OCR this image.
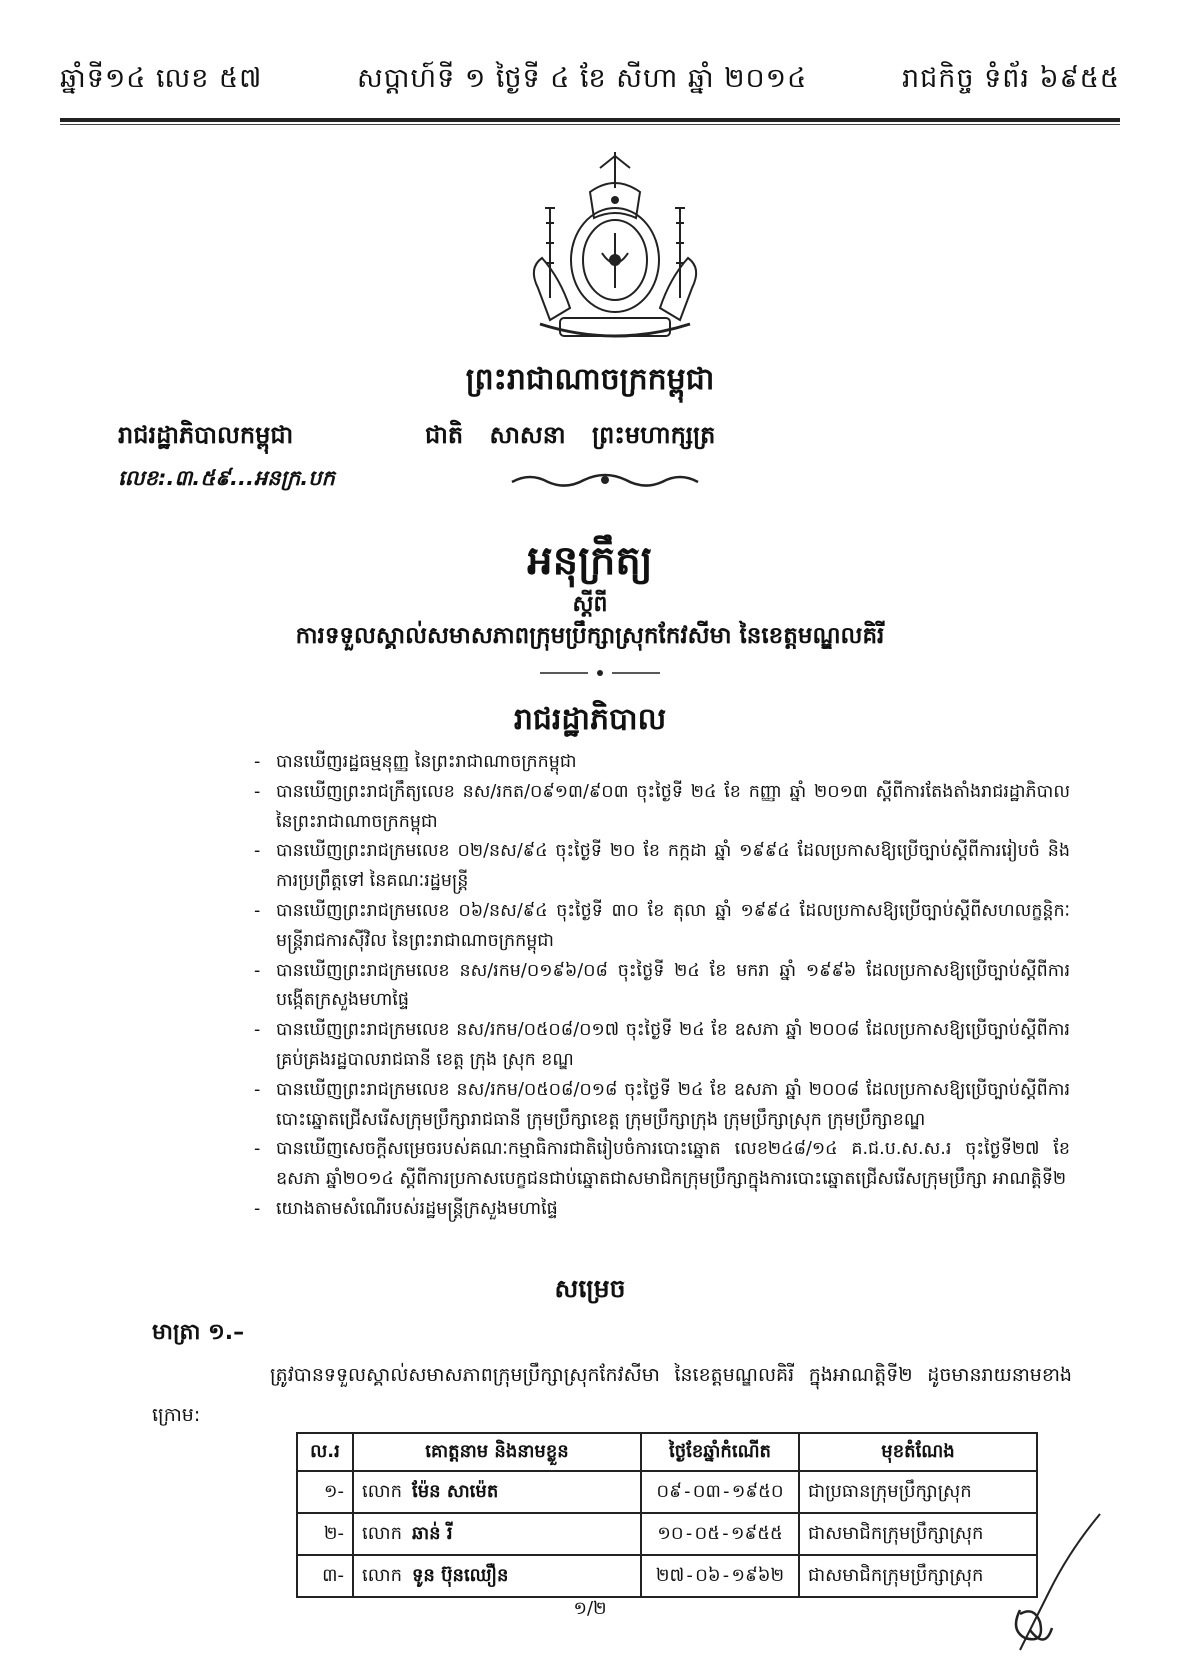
ឆ្នាំទី១៤ លេខ ៥៧	សប្តាហ៍ទី ១ ថ្ងៃទី ៤ ខែ សីហា ឆ្នាំ ២០១៤	រាជកិច្ច ទំព័រ ៦៩៥៥
ព្រះរាជាណាចក្រកម្ពុជា
រាជរដ្ឋាភិបាលកម្ពុជា	ជាតិ សាសនា ព្រះមហាក្សត្រ
លេខ:.៣.៥៩...អនក្រ.បក
អនុក្រឹត្យ
ស្តីពី
ការទទួលស្គាល់សមាសភាពក្រុមប្រឹក្សាស្រុកកែវសីមា នៃខេត្តមណ្ឌលគិរី
រាជរដ្ឋាភិបាល
- បានឃើញរដ្ឋធម្មនុញ្ញ នៃព្រះរាជាណាចក្រកម្ពុជា
- បានឃើញព្រះរាជក្រឹត្យលេខ នស/រកត/០៩១៣/៩០៣ ចុះថ្ងៃទី ២៤ ខែ កញ្ញា ឆ្នាំ ២០១៣ ស្តីពីការតែងតាំងរាជរដ្ឋាភិបាល នៃព្រះរាជាណាចក្រកម្ពុជា
- បានឃើញព្រះរាជក្រមលេខ ០២/នស/៩៤ ចុះថ្ងៃទី ២០ ខែ កក្កដា ឆ្នាំ ១៩៩៤ ដែលប្រកាសឱ្យប្រើច្បាប់ស្តីពីការរៀបចំ និងការប្រព្រឹត្តទៅ នៃគណៈរដ្ឋមន្ត្រី
- បានឃើញព្រះរាជក្រមលេខ ០៦/នស/៩៤ ចុះថ្ងៃទី ៣០ ខែ តុលា ឆ្នាំ ១៩៩៤ ដែលប្រកាសឱ្យប្រើច្បាប់ស្តីពីសហលក្ខន្តិកៈមន្ត្រីរាជការស៊ីវិល នៃព្រះរាជាណាចក្រកម្ពុជា
- បានឃើញព្រះរាជក្រមលេខ នស/រកម/០១៩៦/០៨ ចុះថ្ងៃទី ២៤ ខែ មករា ឆ្នាំ ១៩៩៦ ដែលប្រកាសឱ្យប្រើច្បាប់ស្តីពីការបង្កើតក្រសួងមហាផ្ទៃ
- បានឃើញព្រះរាជក្រមលេខ នស/រកម/០៥០៨/០១៧ ចុះថ្ងៃទី ២៤ ខែ ឧសភា ឆ្នាំ ២០០៨ ដែលប្រកាសឱ្យប្រើច្បាប់ស្តីពីការគ្រប់គ្រងរដ្ឋបាលរាជធានី ខេត្ត ក្រុង ស្រុក ខណ្ឌ
- បានឃើញព្រះរាជក្រមលេខ នស/រកម/០៥០៨/០១៨ ចុះថ្ងៃទី ២៤ ខែ ឧសភា ឆ្នាំ ២០០៨ ដែលប្រកាសឱ្យប្រើច្បាប់ស្តីពីការបោះឆ្នោតជ្រើសរើសក្រុមប្រឹក្សារាជធានី ក្រុមប្រឹក្សាខេត្ត ក្រុមប្រឹក្សាក្រុង ក្រុមប្រឹក្សាស្រុក ក្រុមប្រឹក្សាខណ្ឌ
- បានឃើញសេចក្តីសម្រេចរបស់គណៈកម្មាធិការជាតិរៀបចំការបោះឆ្នោត លេខ២៤៨/១៤ គ.ជ.ប.ស.ស.រ ចុះថ្ងៃទី២៧ ខែឧសភា ឆ្នាំ២០១៤ ស្តីពីការប្រកាសបេក្ខជនជាប់ឆ្នោតជាសមាជិកក្រុមប្រឹក្សាក្នុងការបោះឆ្នោតជ្រើសរើសក្រុមប្រឹក្សា អាណត្តិទី២
- យោងតាមសំណើរបស់រដ្ឋមន្ត្រីក្រសួងមហាផ្ទៃ
សម្រេច
មាត្រា ១.–
ត្រូវបានទទួលស្គាល់សមាសភាពក្រុមប្រឹក្សាស្រុកកែវសីមា នៃខេត្តមណ្ឌលគិរី ក្នុងអាណត្តិទី២ ដូចមានរាយនាមខាងក្រោម:
ល.រ	គោត្តនាម និងនាមខ្លួន	ថ្ងៃខែឆ្នាំកំណើត	មុខតំណែង
១-	លោក ម៉ែន សាម៉េត	០៩-០៣-១៩៥០	ជាប្រធានក្រុមប្រឹក្សាស្រុក
២-	លោក ឆាន់ រី	១០-០៥-១៩៥៥	ជាសមាជិកក្រុមប្រឹក្សាស្រុក
៣-	លោក ទូន ប៊ុនឈឿន	២៧-០៦-១៩៦២	ជាសមាជិកក្រុមប្រឹក្សាស្រុក
១/២
